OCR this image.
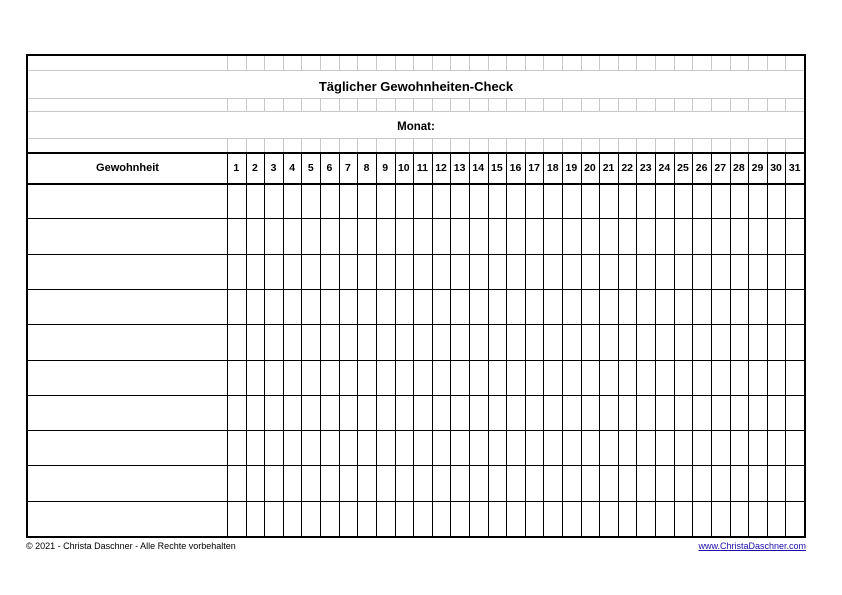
Täglicher Gewohnheiten-Check
Monat:
Gewohnheit	1	2	3	4	5	6	7	8	9 10 11 12 13 14 15 16 17 18 19 20 21 22 23 24 25 26 27 28 29 30 31
© 2021 - Christa Daschner - Alle Rechte vorbehalten	www.ChristaDaschner.com
